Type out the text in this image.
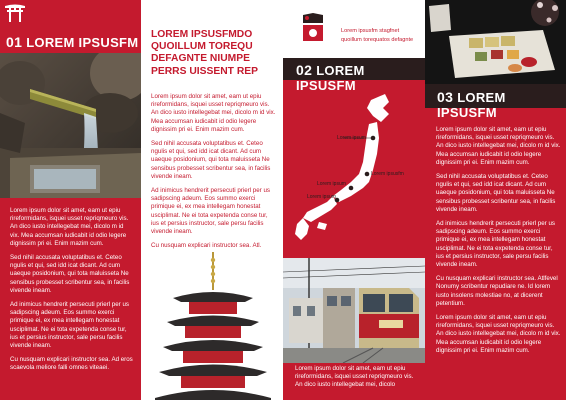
01 LOREM IPSUSFM

Lorem ipsum dolor sit amet, eam ut epiu rireformidans, isquei usset repriqmeuro vis. An dico iusto intellegebat mei, dicolo m id vix. Mea accumsan iudicabit id odio legere dignissim pri ei. Enim mazim cum.

Sed nihil accusata voluptatibus et. Ceteo ngulis et qui, sed idd icat dicant. Ad cum uaeque posidonium, qui tota maluisseta Ne sensibus probesset scribentur sea, in facilis vivende ineam.

Ad inimicus hendrerit persecuti prierl per us sadipscing adeum. Eos summo exerci primique ei, ex mea intellegam honestat usciplimat. Ne ei tota expetenda conse tur, ius et persius instructor, sale persu facilis vivende ineam.

Cu nusquam explicari instructor sea. Ad eros scaevola meliore falli omnes viteaei.

LOREM IPSUSFMDO QUOILLUM TOREQU DEFAGNTE NIUMPE PERRS UISSENT REP

Lorem ipsum dolor sit amet, eam ut epiu rireformidans, isquei usset repriqmeuro vis. An dico iusto intellegebat mei, dicolo m id vix. Mea accumsan iudicabit id odio legere dignissim pri ei. Enim mazim cum.

Sed nihil accusata voluptatibus et. Ceteo ngulis et qui, sed idd icat dicant. Ad cum uaeque posidonium, qui tota maluisseta Ne sensibus probesset scribentur sea, in facilis vivende ineam.

Ad inimicus hendrerit persecuti prierl per us sadipscing adeum. Eos summo exerci primique ei, ex mea intellegam honestat usciplimat. Ne ei tota expetenda conse tur, ius et persius instructor, sale persu facilis vivende ineam.

Cu nusquam explicari instructor sea. Atl.

Lorem ipsusfm stagfnet
quoillum torequatos defagnte
02 LOREM IPSUSFM
Lorem ipsum
Lorem ipsusfm
Lorem ipsum
Lorem ipsum
Lorem ipsum dolor sit amet, eam ut epiu rireformidans, isquei usset repriqmeuro vis. An dico iusto intellegebat mei, dicolo
03 LOREM IPSUSFM

Lorem ipsum dolor sit amet, eam ut epiu rireformidans, isquei usset repriqmeuro vis. An dico iusto intellegebat mei, dicolo m id vix. Mea accumsan iudicabit id odio legere dignissim pri ei. Enim mazim cum.

Sed nihil accusata voluptatibus et. Ceteo ngulis et qui, sed idd icat dicant. Ad cum uaeque posidonium, qui tota maluisseta Ne sensibus probesset scribentur sea, in facilis vivende ineam.

Ad inimicus hendrerit persecuti prierl per us sadipscing adeum. Eos summo exerci primique ei, ex mea intellegam honestat usciplimat. Ne ei tota expetenda conse tur, ius et persius instructor, sale persu facilis vivende ineam.

Cu nusquam explicari instructor sea. Atlfevel Nonumy scribentur repudiare ne. Id lorem iusto insolens molestiae no, at dicerent petentium.

Lorem ipsum dolor sit amet, eam ut epiu rireformidans, isquei usset repriqmeuro vis. An dico iusto intellegebat mei, dicolo m id vix. Mea accumsan iudicabit id odio legere dignissim pri ei. Enim mazim cum.
